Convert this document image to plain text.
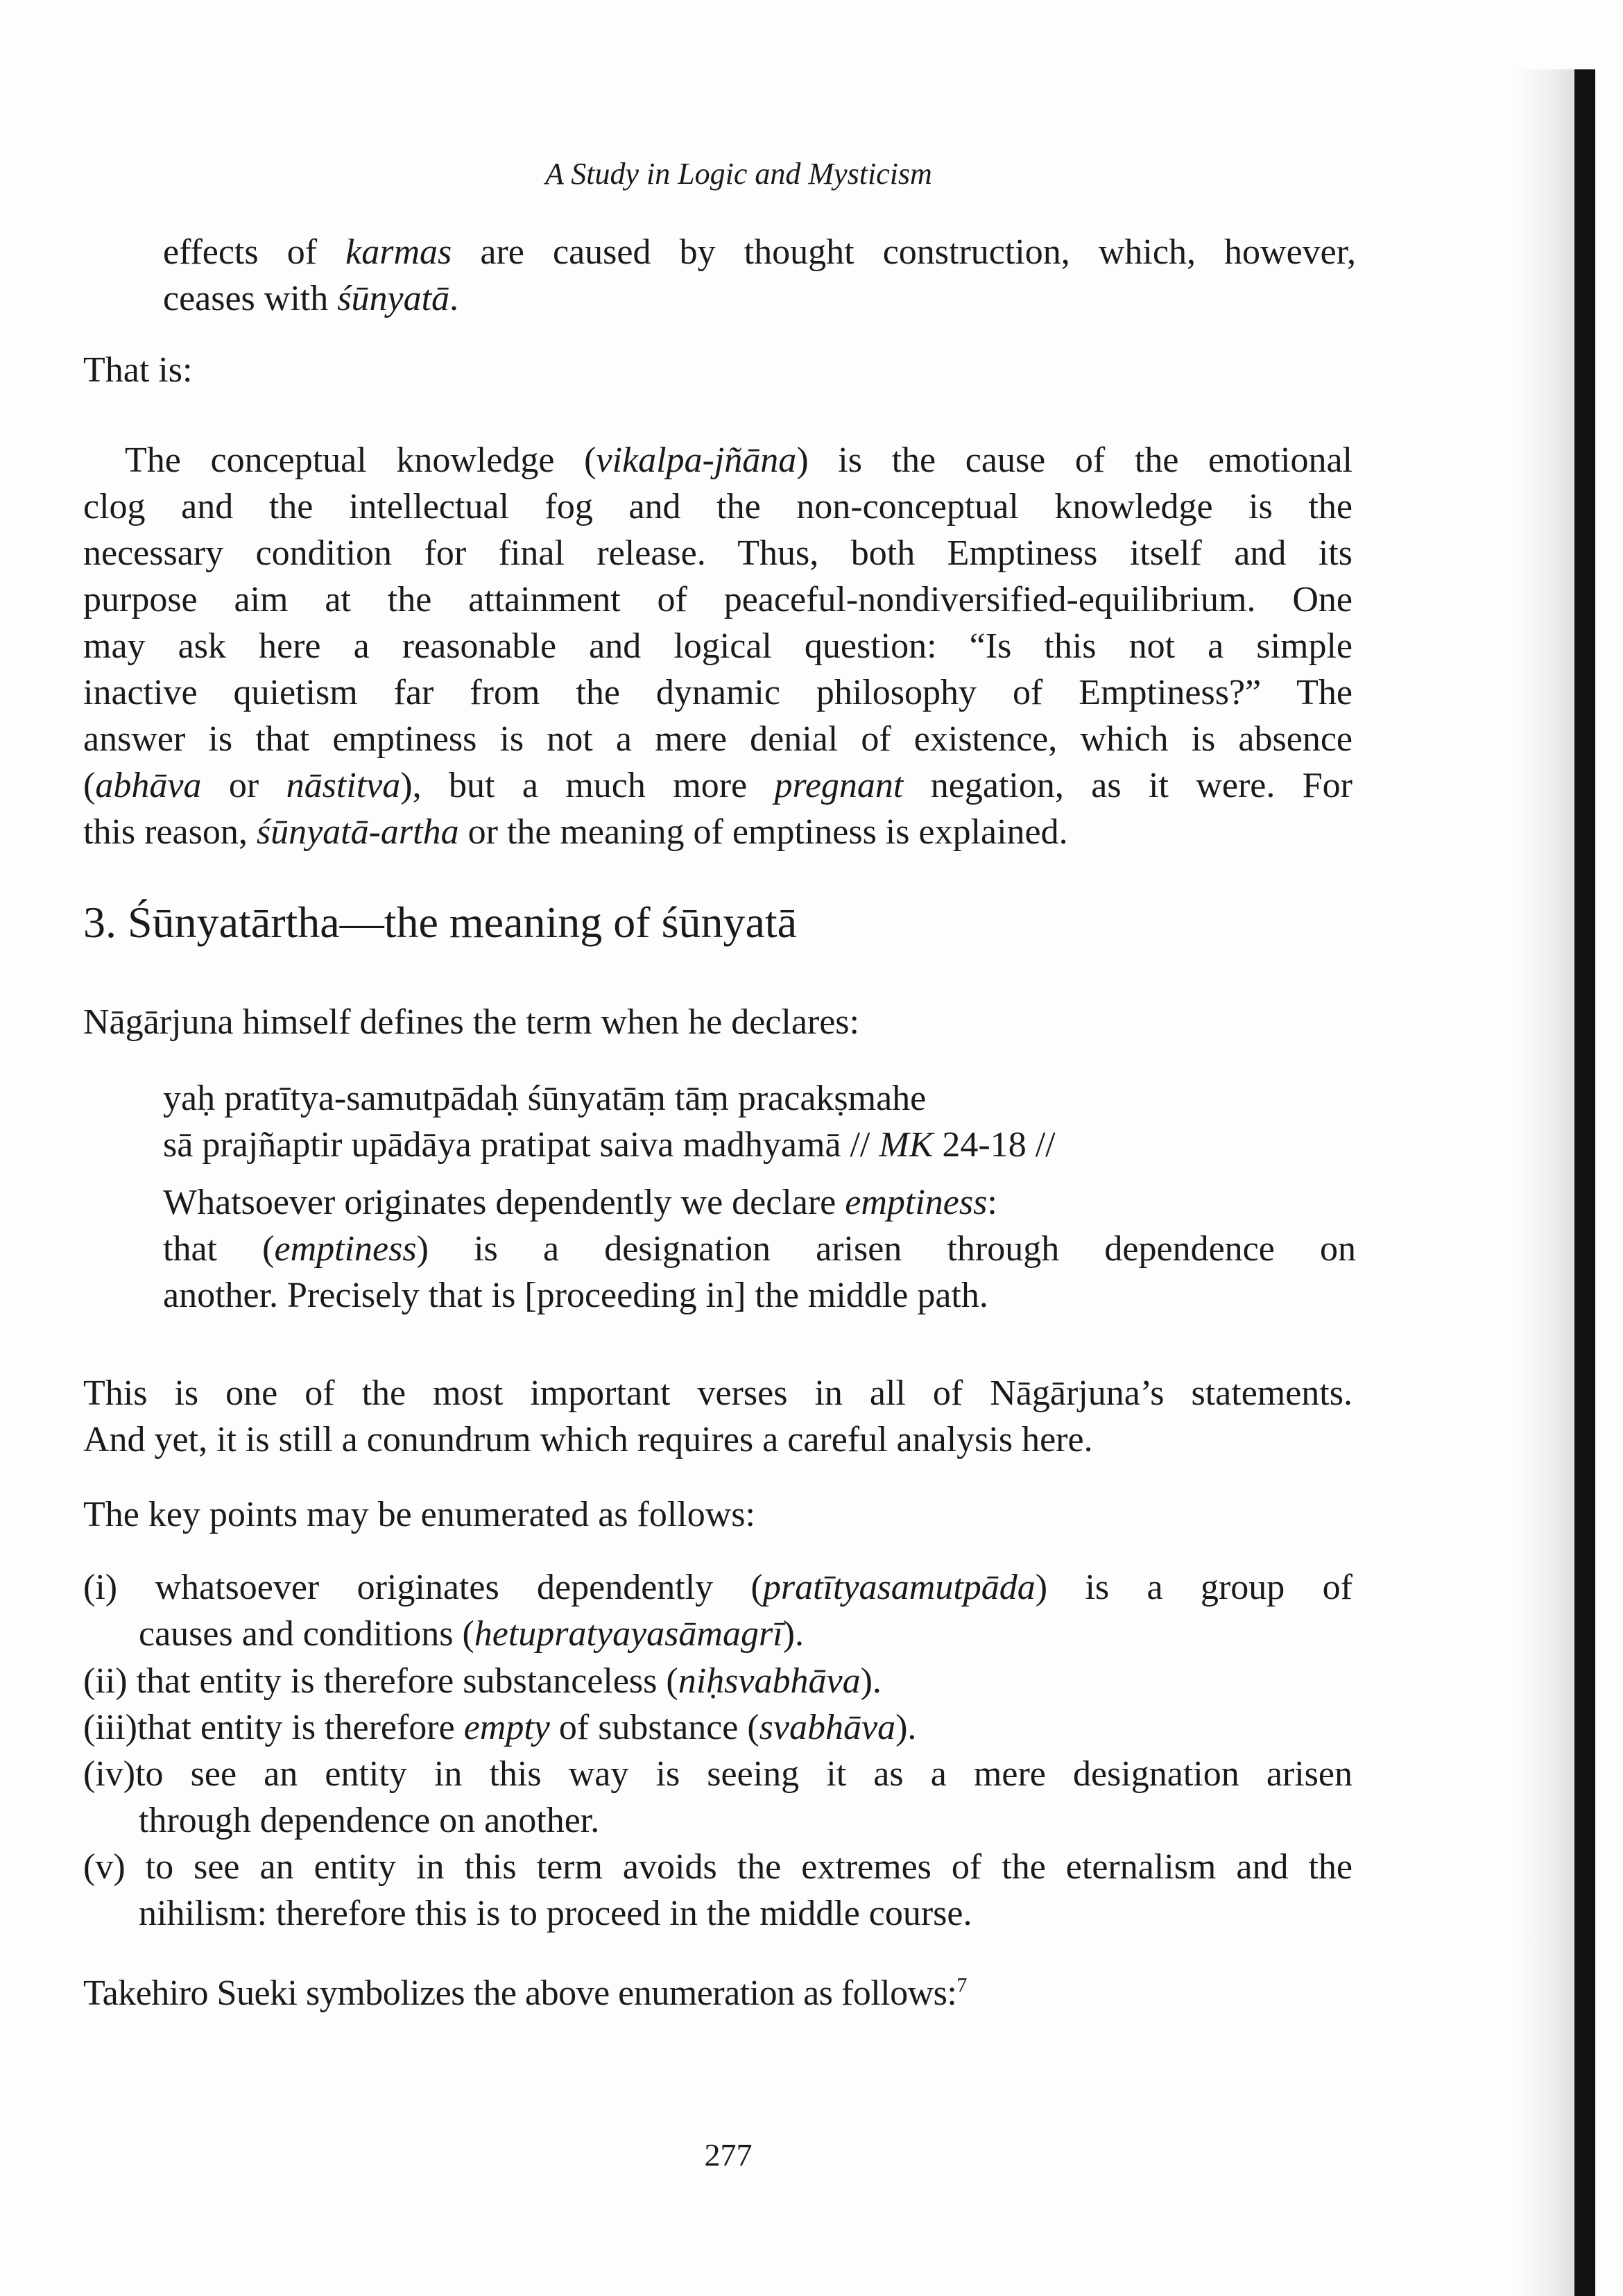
A Study in Logic and Mysticism
effects of karmas are caused by thought construction, which, however,
ceases with śūnyatā.
That is:
The conceptual knowledge (vikalpa-jñāna) is the cause of the emotional
clog and the intellectual fog and the non-conceptual knowledge is the
necessary condition for final release. Thus, both Emptiness itself and its
purpose aim at the attainment of peaceful-nondiversified-equilibrium. One
may ask here a reasonable and logical question: “Is this not a simple
inactive quietism far from the dynamic philosophy of Emptiness?” The
answer is that emptiness is not a mere denial of existence, which is absence
(abhāva or nāstitva), but a much more pregnant negation, as it were. For
this reason, śūnyatā-artha or the meaning of emptiness is explained.
3. Śūnyatārtha—the meaning of śūnyatā
Nāgārjuna himself defines the term when he declares:
yaḥ pratītya-samutpādaḥ śūnyatāṃ tāṃ pracakṣmahe
sā prajñaptir upādāya pratipat saiva madhyamā // MK 24-18 //
Whatsoever originates dependently we declare emptiness:
that (emptiness) is a designation arisen through dependence on
another. Precisely that is [proceeding in] the middle path.
This is one of the most important verses in all of Nāgārjuna’s statements.
And yet, it is still a conundrum which requires a careful analysis here.
The key points may be enumerated as follows:
(i) whatsoever originates dependently (pratītyasamutpāda) is a group of
causes and conditions (hetupratyayasāmagrī).
(ii) that entity is therefore substanceless (niḥsvabhāva).
(iii)that entity is therefore empty of substance (svabhāva).
(iv)to see an entity in this way is seeing it as a mere designation arisen
through dependence on another.
(v) to see an entity in this term avoids the extremes of the eternalism and the
nihilism: therefore this is to proceed in the middle course.
Takehiro Sueki symbolizes the above enumeration as follows:$^7$
277
